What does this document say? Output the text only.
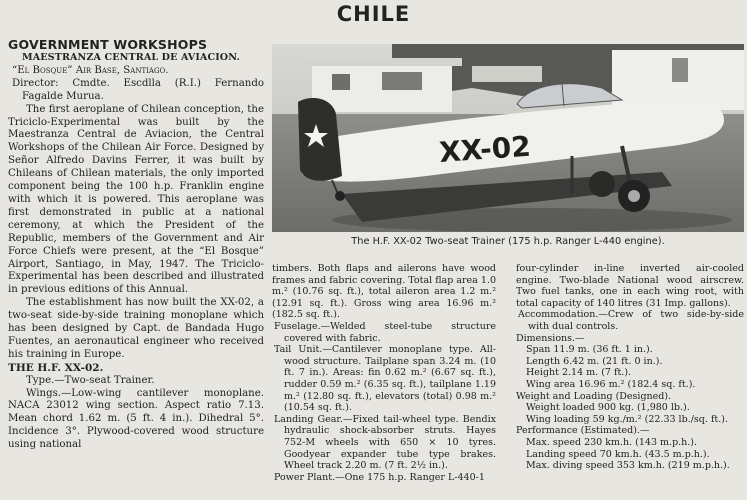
CHILE

GOVERNMENT WORKSHOPS

MAESTRANZA CENTRAL DE AVIACION.

“El Bosque” Air Base, Santiago.

Director: Cmdte. Escdlla (R.I.) Fernando Fagalde Murua.

The first aeroplane of Chilean conception, the Triciclo-Experimental was built by the Maestranza Central de Aviacion, the Central Workshops of the Chilean Air Force. Designed by Señor Alfredo Davins Ferrer, it was built by Chileans of Chilean materials, the only imported component being the 100 h.p. Franklin engine with which it is powered. This aeroplane was first demonstrated in public at a national ceremony, at which the President of the Republic, members of the Government and Air Force Chiefs were present, at the “El Bosque” Airport, Santiago, in May, 1947. The Triciclo-Experimental has been described and illustrated in previous editions of this Annual.

The establishment has now built the XX-02, a two-seat side-by-side training monoplane which has been designed by Capt. de Bandada Hugo Fuentes, an aeronautical engineer who received his training in Europe.

THE H.F. XX-02.

Type.—Two-seat Trainer.

Wings.—Low-wing cantilever monoplane. NACA 23012 wing section. Aspect ratio 7.13. Mean chord 1.62 m. (5 ft. 4 in.). Dihedral 5°. Incidence 3°. Plywood-covered wood structure using national

XX-02
The H.F. XX-02 Two-seat Trainer (175 h.p. Ranger L-440 engine).

timbers. Both flaps and ailerons have wood frames and fabric covering. Total flap area 1.0 m.² (10.76 sq. ft.), total aileron area 1.2 m.² (12.91 sq. ft.). Gross wing area 16.96 m.² (182.5 sq. ft.).

Fuselage.—Welded steel-tube structure covered with fabric.

Tail Unit.—Cantilever monoplane type. All-wood structure. Tailplane span 3.24 m. (10 ft. 7 in.). Areas: fin 0.62 m.² (6.67 sq. ft.), rudder 0.59 m.² (6.35 sq. ft.), tailplane 1.19 m.² (12.80 sq. ft.), elevators (total) 0.98 m.² (10.54 sq. ft.).

Landing Gear.—Fixed tail-wheel type. Bendix hydraulic shock-absorber struts. Hayes 752-M wheels with 650 × 10 tyres. Goodyear expander tube type brakes. Wheel track 2.20 m. (7 ft. 2½ in.).

Power Plant.—One 175 h.p. Ranger L-440-1

four-cylinder in-line inverted air-cooled engine. Two-blade National wood airscrew. Two fuel tanks, one in each wing root, with total capacity of 140 litres (31 Imp. gallons).

Accommodation.—Crew of two side-by-side with dual controls.

Dimensions.—

Span 11.9 m. (36 ft. 1 in.).

Length 6.42 m. (21 ft. 0 in.).

Height 2.14 m. (7 ft.).

Wing area 16.96 m.² (182.4 sq. ft.).

Weight and Loading (Designed).

Weight loaded 900 kg. (1,980 lb.).

Wing loading 59 kg./m.² (22.33 lb./sq. ft.).

Performance (Estimated).—

Max. speed 230 km.h. (143 m.p.h.).

Landing speed 70 km.h. (43.5 m.p.h.).

Max. diving speed 353 km.h. (219 m.p.h.).
